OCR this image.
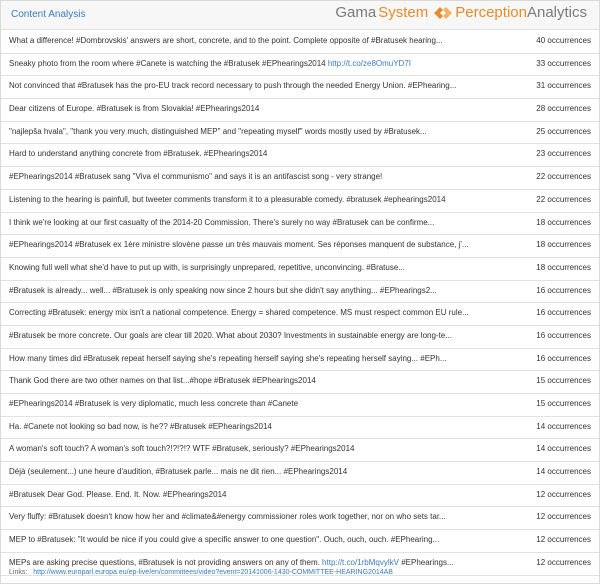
Content Analysis	Gama System Perception Analytics
What a difference! #Dombrovskis' answers are short, concrete, and to the point. Complete opposite of #Bratusek hearing...	40 occurrences
Sneaky photo from the room where #Canete is watching the #Bratusek #EPhearings2014 http://t.co/ze8OmuYD7I	33 occurrences
Not convinced that #Bratusek has the pro-EU track record necessary to push through the needed Energy Union. #EPhearing...	31 occurrences
Dear citizens of Europe. #Bratusek is from Slovakia! #EPhearings2014	28 occurrences
"najlepša hvala", "thank you very much, distinguished MEP" and "repeating myself" words mostly used by #Bratusek...	25 occurrences
Hard to understand anything concrete from #Bratusek. #EPhearings2014	23 occurrences
#EPhearings2014 #Bratusek sang "Viva el communismo" and says it is an antifascist song - very strange!	22 occurrences
Listening to the hearing is painfull, but tweeter comments transform it to a pleasurable comedy. #bratusek #ephearings2014	22 occurrences
I think we're looking at our first casualty of the 2014-20 Commission. There's surely no way #Bratusek can be confirme...	18 occurrences
#EPhearings2014 #Bratusek ex 1ère ministre slovène passe un très mauvais moment. Ses réponses manquent de substance, j'...	18 occurrences
Knowing full well what she'd have to put up with, is surprisingly unprepared, repetitive, unconvincing. #Bratuse...	18 occurrences
#Bratusek is already... well... #Bratusek is only speaking now since 2 hours but she didn't say anything... #EPhearings2...	16 occurrences
Correcting #Bratusek: energy mix isn't a national competence. Energy = shared competence. MS must respect common EU rule...	16 occurrences
#Bratusek be more concrete. Our goals are clear till 2020. What about 2030? Investments in sustainable energy are long-te...	16 occurrences
How many times did #Bratusek repeat herself saying she's repeating herself saying she's repeating herself saying... #EPh...	16 occurrences
Thank God there are two other names on that list...#hope #Bratusek #EPhearings2014	15 occurrences
#EPhearings2014 #Bratusek is very diplomatic, much less concrete than #Canete	15 occurrences
Ha. #Canete not looking so bad now, is he?? #Bratusek #EPhearings2014	14 occurrences
A woman's soft touch? A woman's soft touch?!?!?!? WTF #Bratusek, seriously? #EPhearings2014	14 occurrences
Déjà (seulement...) une heure d'audition, #Bratusek parle... mais ne dit rien... #EPhearings2014	14 occurrences
#Bratusek Dear God. Please. End. It. Now. #EPhearings2014	12 occurrences
Very fluffy: #Bratusek doesn't know how her and #climate&#energy commissioner roles work together, nor on who sets tar...	12 occurrences
MEP to #Bratusek: "It would be nice if you could give a specific answer to one question". Ouch, ouch, ouch. #EPhearing...	12 occurrences
MEPs are asking precise questions, #Bratusek is not providing answers on any of them. http://t.co/1rbMqvylkV #EPhearings...	12 occurrences
Links: http://www.europarl.europa.eu/ep-live/en/committees/video?event=20141006-1430-COMMITTEE-HEARING2014AB
